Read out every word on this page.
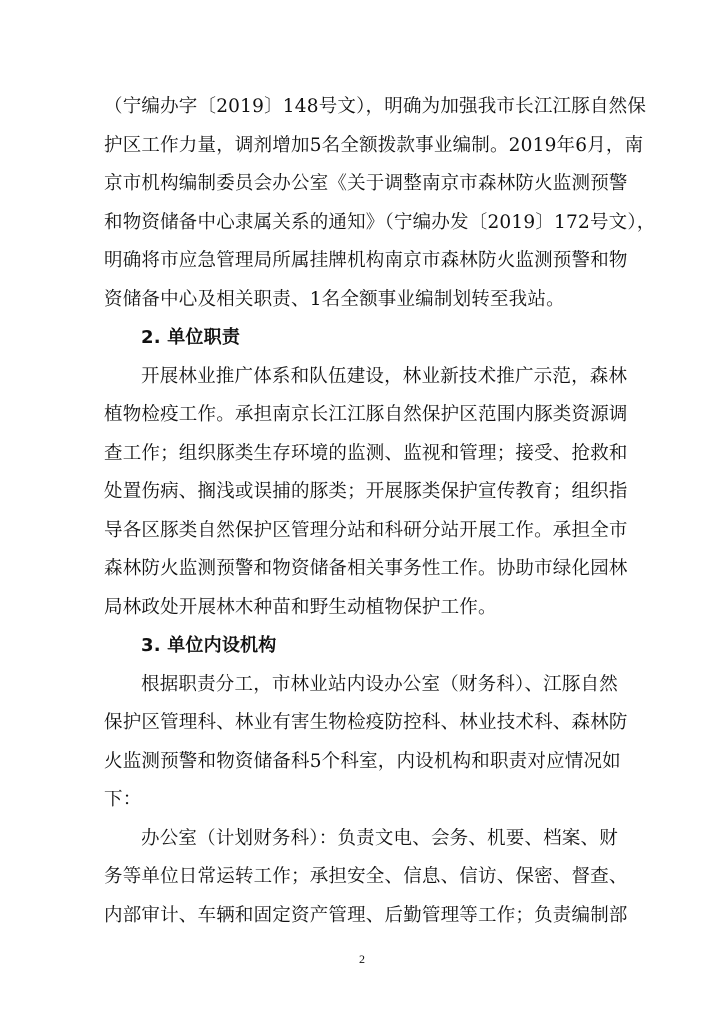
（宁编办字〔2019〕148号文），明确为加强我市长江江豚自然保
护区工作力量，调剂增加5名全额拨款事业编制。2019年6月，南
京市机构编制委员会办公室《关于调整南京市森林防火监测预警
和物资储备中心隶属关系的通知》（宁编办发〔2019〕172号文），
明确将市应急管理局所属挂牌机构南京市森林防火监测预警和物
资储备中心及相关职责、1名全额事业编制划转至我站。
2. 单位职责
开展林业推广体系和队伍建设，林业新技术推广示范，森林
植物检疫工作。承担南京长江江豚自然保护区范围内豚类资源调
查工作；组织豚类生存环境的监测、监视和管理；接受、抢救和
处置伤病、搁浅或误捕的豚类；开展豚类保护宣传教育；组织指
导各区豚类自然保护区管理分站和科研分站开展工作。承担全市
森林防火监测预警和物资储备相关事务性工作。协助市绿化园林
局林政处开展林木种苗和野生动植物保护工作。
3. 单位内设机构
根据职责分工，市林业站内设办公室（财务科）、江豚自然
保护区管理科、林业有害生物检疫防控科、林业技术科、森林防
火监测预警和物资储备科5个科室，内设机构和职责对应情况如
下：
办公室（计划财务科）：负责文电、会务、机要、档案、财
务等单位日常运转工作；承担安全、信息、信访、保密、督查、
内部审计、车辆和固定资产管理、后勤管理等工作；负责编制部
2
